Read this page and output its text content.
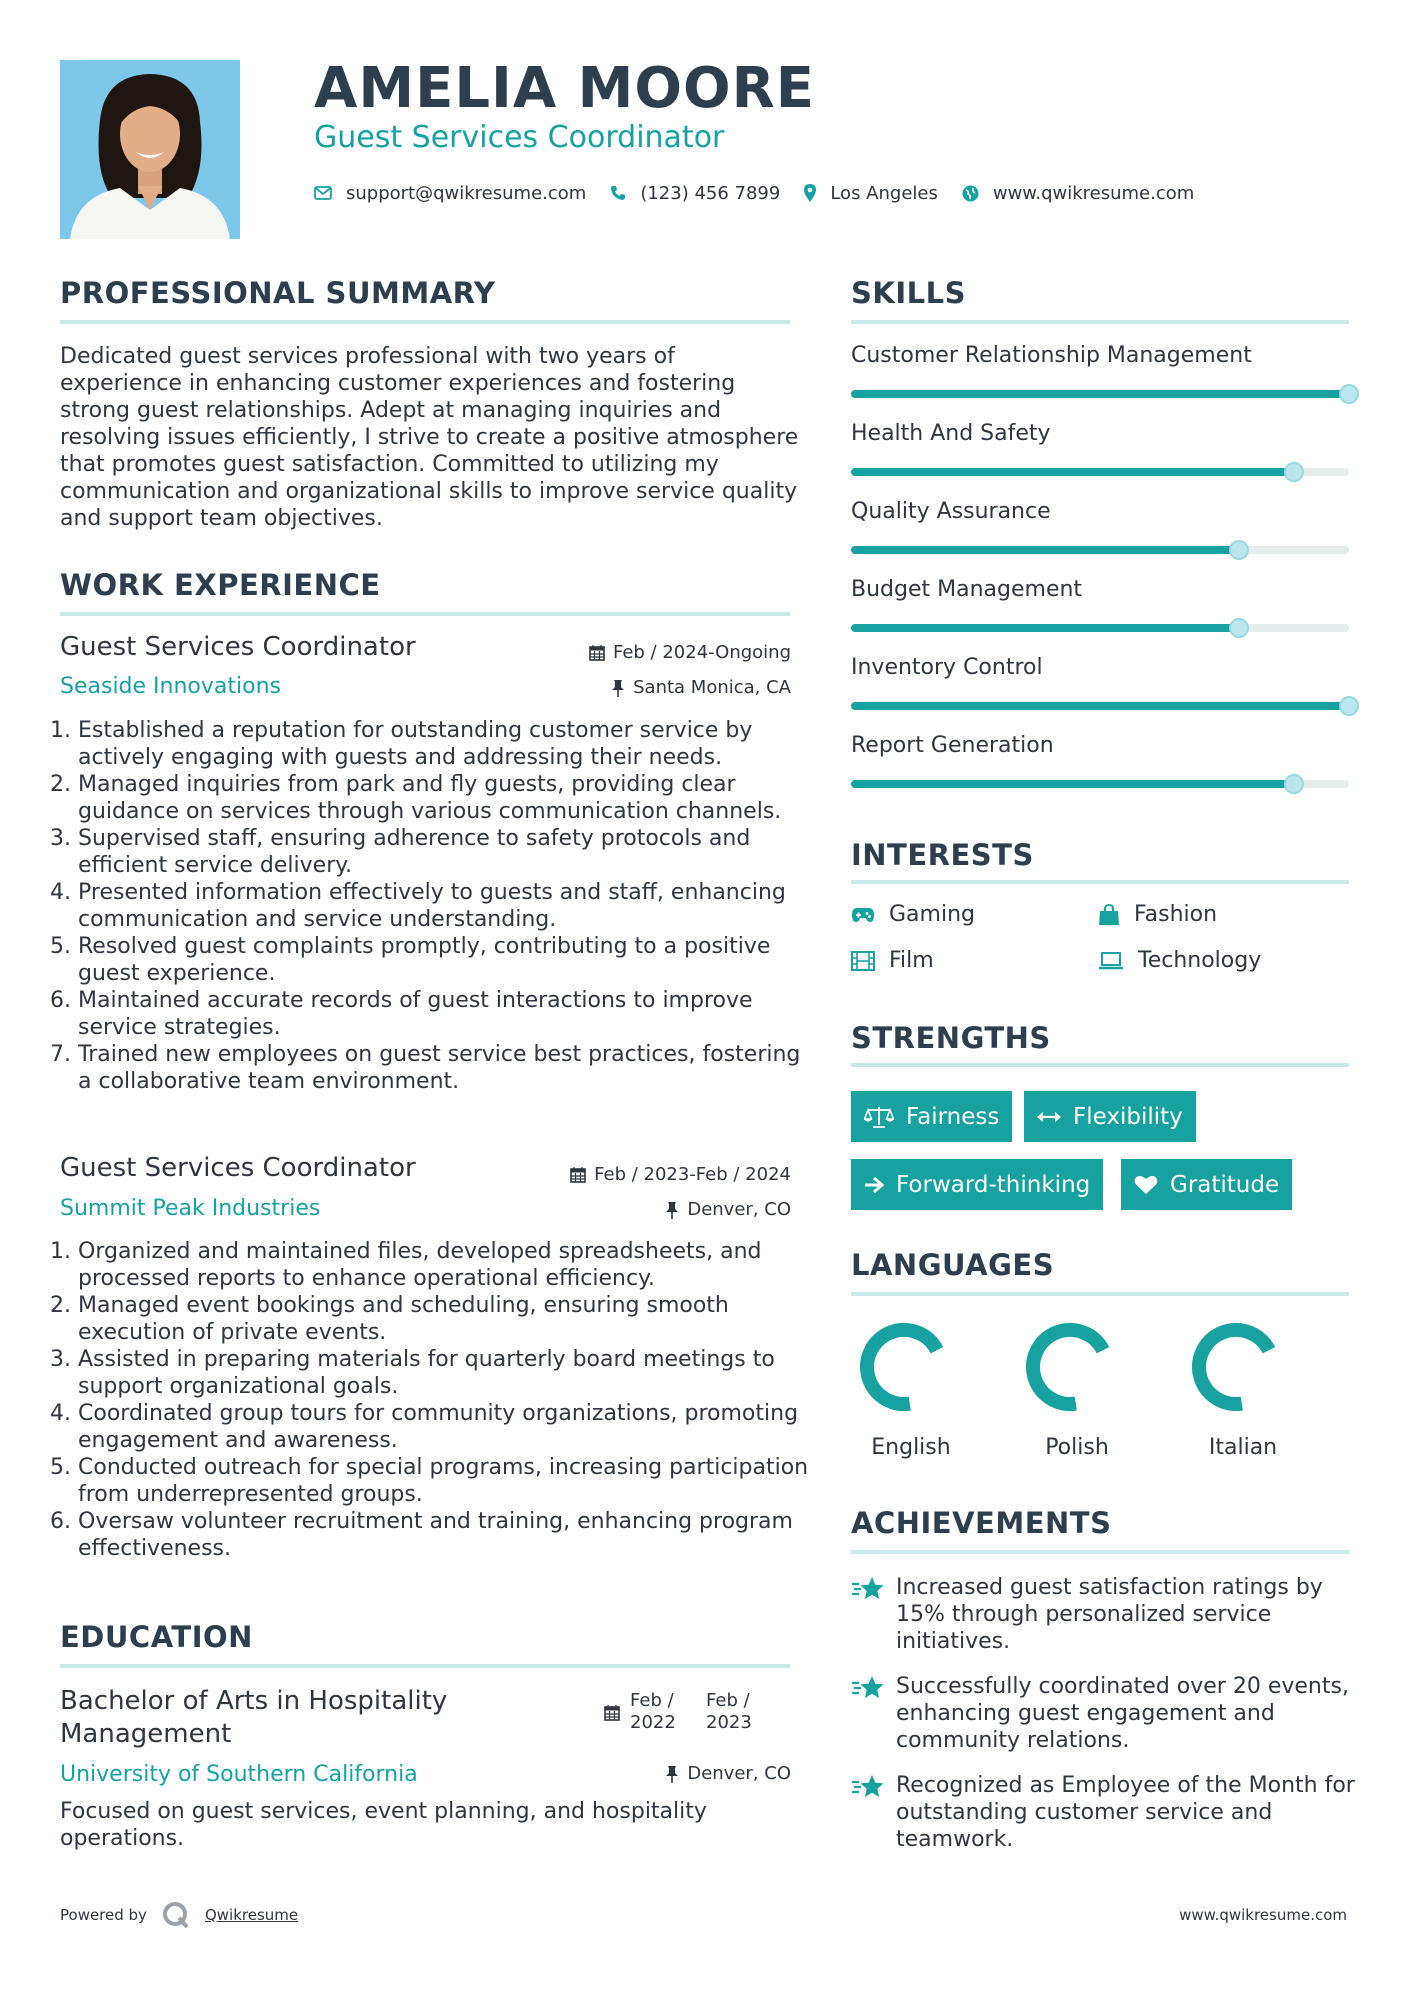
AMELIA MOORE
Guest Services Coordinator
support@qwikresume.com	(123) 456 7899	Los Angeles	www.qwikresume.com
PROFESSIONAL SUMMARY
Dedicated guest services professional with two years of experience in enhancing customer experiences and fostering strong guest relationships. Adept at managing inquiries and resolving issues efficiently, I strive to create a positive atmosphere that promotes guest satisfaction. Committed to utilizing my communication and organizational skills to improve service quality and support team objectives.
WORK EXPERIENCE
Guest Services Coordinator	Feb / 2024-Ongoing
Seaside Innovations	Santa Monica, CA
1. Established a reputation for outstanding customer service by actively engaging with guests and addressing their needs.
2. Managed inquiries from park and fly guests, providing clear guidance on services through various communication channels.
3. Supervised staff, ensuring adherence to safety protocols and efficient service delivery.
4. Presented information effectively to guests and staff, enhancing communication and service understanding.
5. Resolved guest complaints promptly, contributing to a positive guest experience.
6. Maintained accurate records of guest interactions to improve service strategies.
7. Trained new employees on guest service best practices, fostering a collaborative team environment.
Guest Services Coordinator	Feb / 2023-Feb / 2024
Summit Peak Industries	Denver, CO
1. Organized and maintained files, developed spreadsheets, and processed reports to enhance operational efficiency.
2. Managed event bookings and scheduling, ensuring smooth execution of private events.
3. Assisted in preparing materials for quarterly board meetings to support organizational goals.
4. Coordinated group tours for community organizations, promoting engagement and awareness.
5. Conducted outreach for special programs, increasing participation from underrepresented groups.
6. Oversaw volunteer recruitment and training, enhancing program effectiveness.
EDUCATION
Bachelor of Arts in Hospitality Management
Feb / 2022
Feb / 2023
University of Southern California	Denver, CO
Focused on guest services, event planning, and hospitality operations.
SKILLS
Customer Relationship Management
Health And Safety
Quality Assurance
Budget Management
Inventory Control
Report Generation
INTERESTS
Gaming	Fashion
Film	Technology
STRENGTHS
Fairness	Flexibility
Forward-thinking	Gratitude
LANGUAGES
English	Polish	Italian
ACHIEVEMENTS
Increased guest satisfaction ratings by 15% through personalized service initiatives.
Successfully coordinated over 20 events, enhancing guest engagement and community relations.
Recognized as Employee of the Month for outstanding customer service and teamwork.
Powered by	Qwikresume	www.qwikresume.com
